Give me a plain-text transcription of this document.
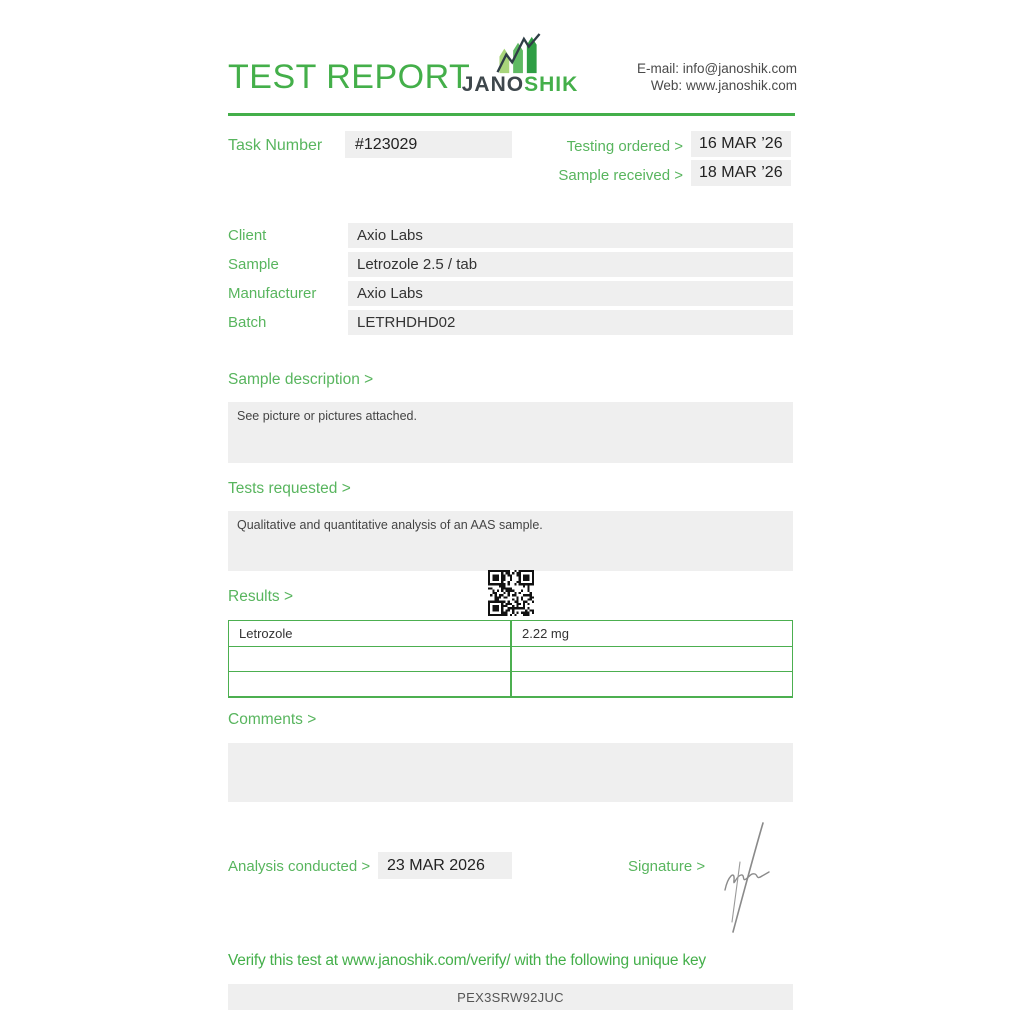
TEST REPORT
JANOSHIK
E-mail: info@janoshik.com
Web: www.janoshik.com
Task Number	#123029	Testing ordered >	16 MAR ’26
Sample received >	18 MAR ’26
Client	Axio Labs
Sample	Letrozole 2.5 / tab
Manufacturer	Axio Labs
Batch	LETRHDHD02
Sample description >
See picture or pictures attached.
Tests requested >
Qualitative and quantitative analysis of an AAS sample.
Results >
Letrozole	2.22 mg
Comments >
Analysis conducted >	23 MAR 2026	Signature >
Verify this test at www.janoshik.com/verify/ with the following unique key
PEX3SRW92JUC
